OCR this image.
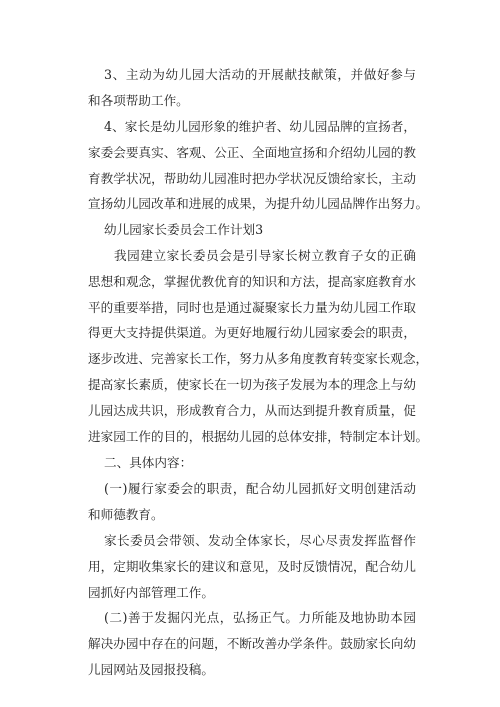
3、主动为幼儿园大活动的开展献技献策，并做好参与
和各项帮助工作。
4、家长是幼儿园形象的维护者、幼儿园品牌的宣扬者，
家委会要真实、客观、公正、全面地宣扬和介绍幼儿园的教
育教学状况，帮助幼儿园准时把办学状况反馈给家长，主动
宣扬幼儿园改革和进展的成果，为提升幼儿园品牌作出努力。
幼儿园家长委员会工作计划3
我园建立家长委员会是引导家长树立教育子女的正确
思想和观念，掌握优教优育的知识和方法，提高家庭教育水
平的重要举措，同时也是通过凝聚家长力量为幼儿园工作取
得更大支持提供渠道。为更好地履行幼儿园家委会的职责，
逐步改进、完善家长工作，努力从多角度教育转变家长观念，
提高家长素质，使家长在一切为孩子发展为本的理念上与幼
儿园达成共识，形成教育合力，从而达到提升教育质量，促
进家园工作的目的，根据幼儿园的总体安排，特制定本计划。
二、具体内容：
(一)履行家委会的职责，配合幼儿园抓好文明创建活动
和师德教育。
家长委员会带领、发动全体家长，尽心尽责发挥监督作
用，定期收集家长的建议和意见，及时反馈情况，配合幼儿
园抓好内部管理工作。
(二)善于发掘闪光点，弘扬正气。力所能及地协助本园
解决办园中存在的问题，不断改善办学条件。鼓励家长向幼
儿园网站及园报投稿。
